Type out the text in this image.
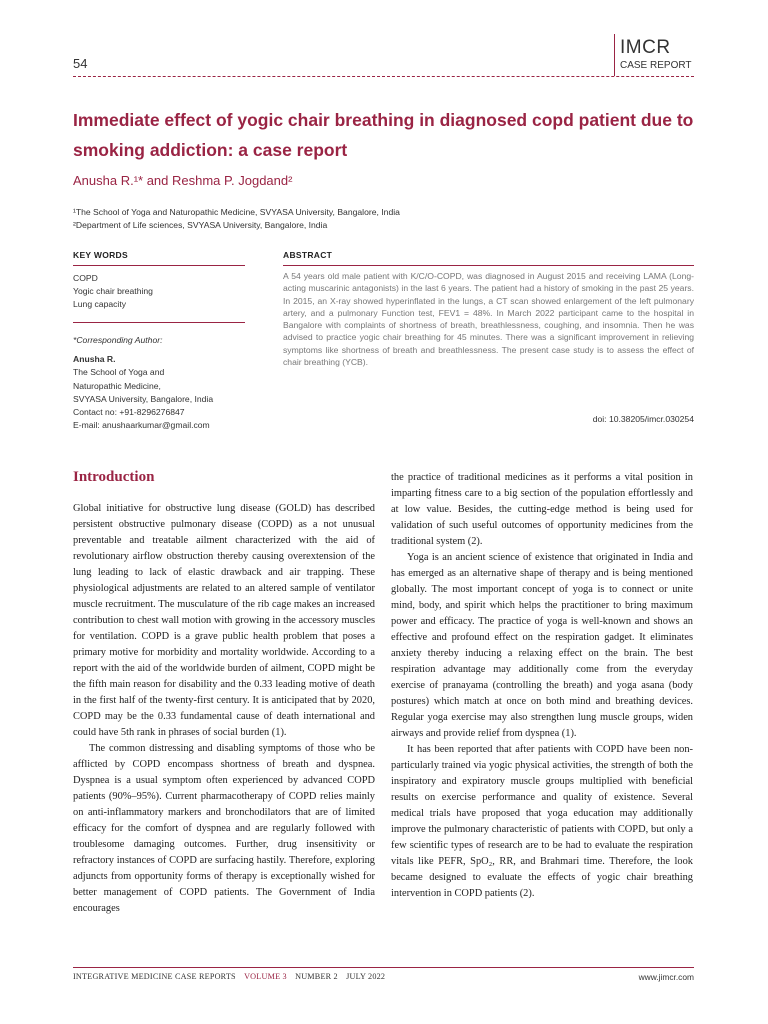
54
IMCR
CASE REPORT
Immediate effect of yogic chair breathing in diagnosed copd patient due to smoking addiction: a case report
Anusha R.¹* and Reshma P. Jogdand²
¹The School of Yoga and Naturopathic Medicine, SVYASA University, Bangalore, India
²Department of Life sciences, SVYASA University, Bangalore, India
KEY WORDS
COPD
Yogic chair breathing
Lung capacity
*Corresponding Author:
Anusha R.
The School of Yoga and
Naturopathic Medicine,
SVYASA University, Bangalore, India
Contact no: +91-8296276847
E-mail: anushaarkumar@gmail.com
ABSTRACT
A 54 years old male patient with K/C/O-COPD, was diagnosed in August 2015 and receiving LAMA (Long-acting muscarinic antagonists) in the last 6 years. The patient had a history of smoking in the past 25 years. In 2015, an X-ray showed hyperinflated in the lungs, a CT scan showed enlargement of the left pulmonary artery, and a pulmonary Function test, FEV1 = 48%. In March 2022 participant came to the hospital in Bangalore with complaints of shortness of breath, breathlessness, coughing, and insomnia. Then he was advised to practice yogic chair breathing for 45 minutes. There was a significant improvement in relieving symptoms like shortness of breath and breathlessness. The present case study is to assess the effect of chair breathing (YCB).
doi: 10.38205/imcr.030254
Introduction

Global initiative for obstructive lung disease (GOLD) has described persistent obstructive pulmonary disease (COPD) as a not unusual preventable and treatable ailment characterized with the aid of revolutionary airflow obstruction thereby causing overextension of the lung leading to lack of elastic drawback and air trapping. These physiological adjustments are related to an altered sample of ventilator muscle recruitment. The musculature of the rib cage makes an increased contribution to chest wall motion with growing in the accessory muscles for ventilation. COPD is a grave public health problem that poses a primary motive for morbidity and mortality worldwide. According to a report with the aid of the worldwide burden of ailment, COPD might be the fifth main reason for disability and the 0.33 leading motive of death in the first half of the twenty-first century. It is anticipated that by 2020, COPD may be the 0.33 fundamental cause of death international and could have 5th rank in phrases of social burden (1).

The common distressing and disabling symptoms of those who be afflicted by COPD encompass shortness of breath and dyspnea. Dyspnea is a usual symptom often experienced by advanced COPD patients (90%–95%). Current pharmacotherapy of COPD relies mainly on anti-inflammatory markers and bronchodilators that are of limited efficacy for the comfort of dyspnea and are regularly followed with troublesome damaging outcomes. Further, drug insensitivity or refractory instances of COPD are surfacing hastily. Therefore, exploring adjuncts from opportunity forms of therapy is exceptionally wished for better management of COPD patients. The Government of India encourages

the practice of traditional medicines as it performs a vital position in imparting fitness care to a big section of the population effortlessly and at low value. Besides, the cutting-edge method is being used for validation of such useful outcomes of opportunity medicines from the traditional system (2).

Yoga is an ancient science of existence that originated in India and has emerged as an alternative shape of therapy and is being mentioned globally. The most important concept of yoga is to connect or unite mind, body, and spirit which helps the practitioner to bring maximum power and efficacy. The practice of yoga is well-known and shows an effective and profound effect on the respiration gadget. It eliminates anxiety thereby inducing a relaxing effect on the brain. The best respiration advantage may additionally come from the everyday exercise of pranayama (controlling the breath) and yoga asana (body postures) which match at once on both mind and breathing devices. Regular yoga exercise may also strengthen lung muscle groups, widen airways and provide relief from dyspnea (1).

It has been reported that after patients with COPD have been non-particularly trained via yogic physical activities, the strength of both the inspiratory and expiratory muscle groups multiplied with beneficial results on exercise performance and quality of existence. Several medical trials have proposed that yoga education may additionally improve the pulmonary characteristic of patients with COPD, but only a few scientific types of research are to be had to evaluate the respiration vitals like PEFR, SpO₂, RR, and Brahmari time. Therefore, the look became designed to evaluate the effects of yogic chair breathing intervention in COPD patients (2).

INTEGRATIVE MEDICINE CASE REPORTS VOLUME 3 NUMBER 2 JULY 2022	www.jimcr.com
